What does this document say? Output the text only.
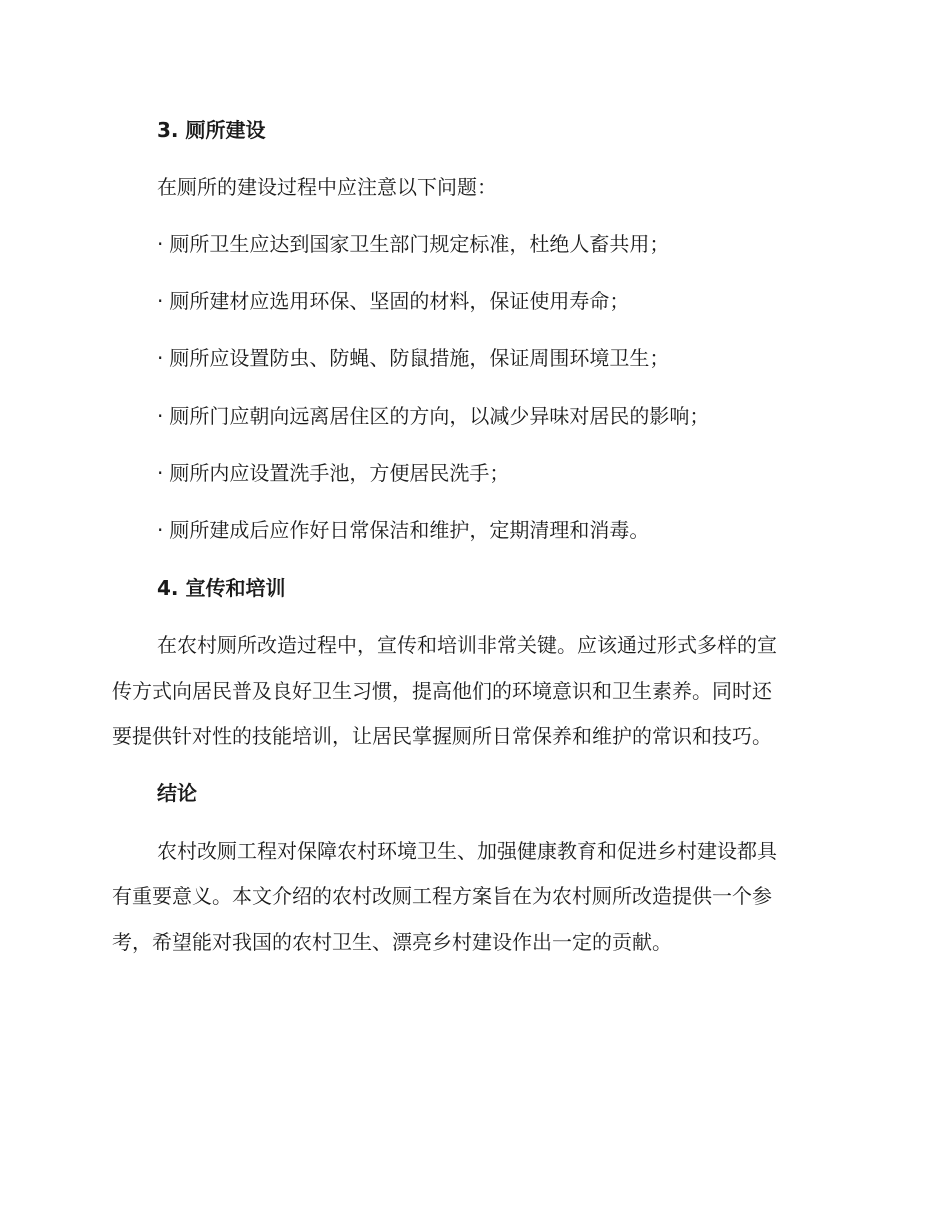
3. 厕所建设
在厕所的建设过程中应注意以下问题：
· 厕所卫生应达到国家卫生部门规定标准，杜绝人畜共用；
· 厕所建材应选用环保、坚固的材料，保证使用寿命；
· 厕所应设置防虫、防蝇、防鼠措施，保证周围环境卫生；
· 厕所门应朝向远离居住区的方向，以减少异味对居民的影响；
· 厕所内应设置洗手池，方便居民洗手；
· 厕所建成后应作好日常保洁和维护，定期清理和消毒。
4. 宣传和培训
在农村厕所改造过程中，宣传和培训非常关键。应该通过形式多样的宣
传方式向居民普及良好卫生习惯，提高他们的环境意识和卫生素养。同时还
要提供针对性的技能培训，让居民掌握厕所日常保养和维护的常识和技巧。
结论
农村改厕工程对保障农村环境卫生、加强健康教育和促进乡村建设都具
有重要意义。本文介绍的农村改厕工程方案旨在为农村厕所改造提供一个参
考，希望能对我国的农村卫生、漂亮乡村建设作出一定的贡献。
